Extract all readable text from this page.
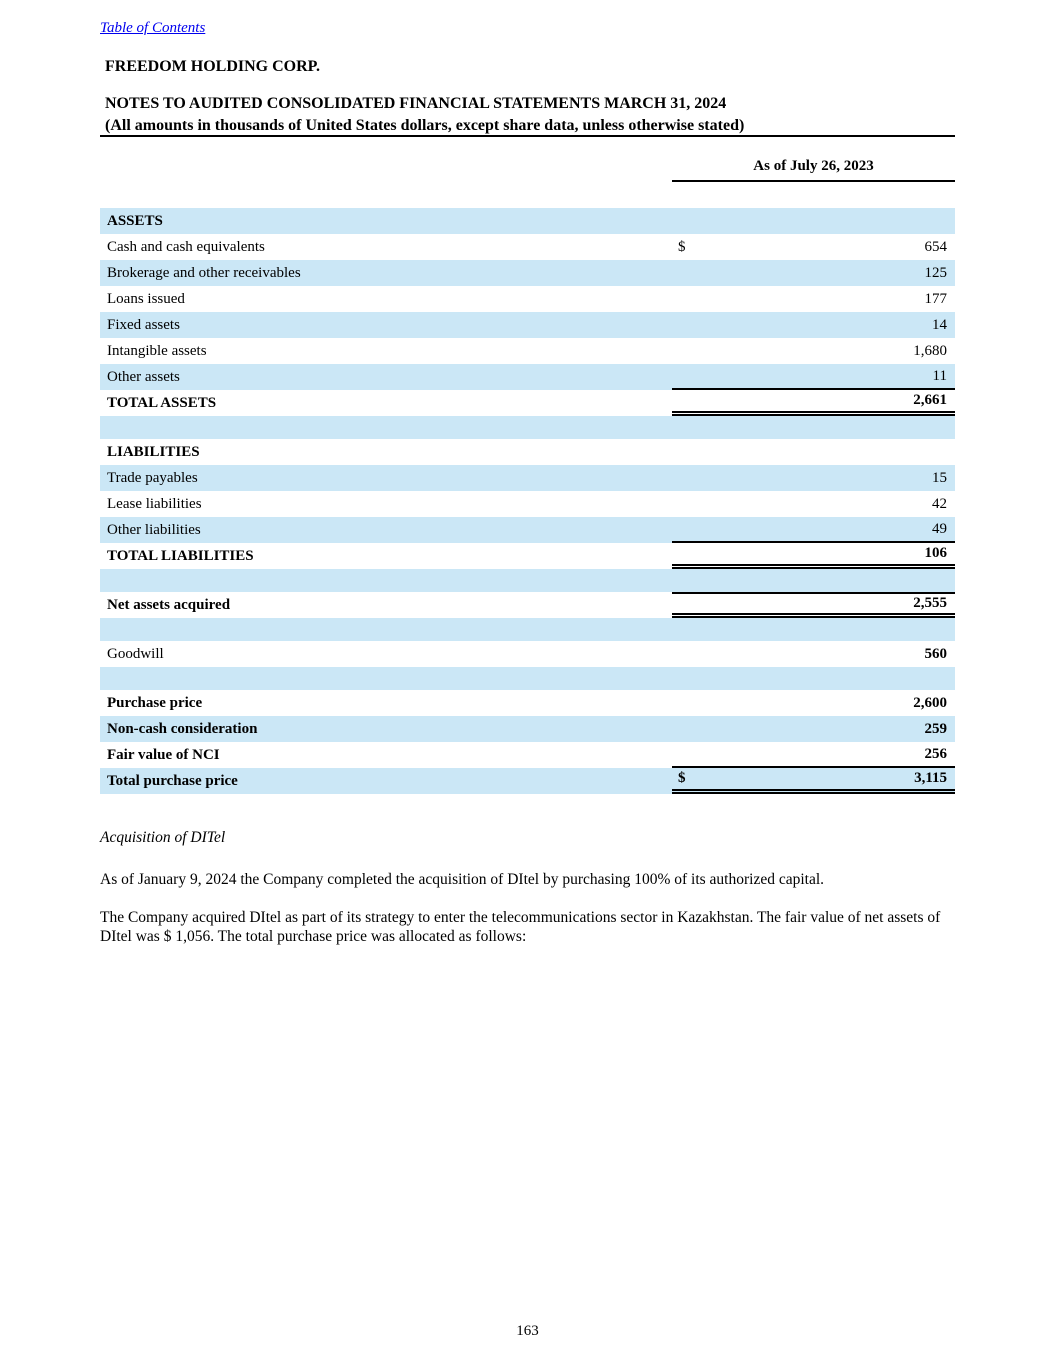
Table of Contents
FREEDOM HOLDING CORP.
NOTES TO AUDITED CONSOLIDATED FINANCIAL STATEMENTS MARCH 31, 2024
(All amounts in thousands of United States dollars, except share data, unless otherwise stated)
As of July 26, 2023
ASSETS
Cash and cash equivalents	$	654
Brokerage and other receivables	125
Loans issued	177
Fixed assets	14
Intangible assets	1,680
Other assets	11
TOTAL ASSETS	2,661
LIABILITIES
Trade payables	15
Lease liabilities	42
Other liabilities	49
TOTAL LIABILITIES	106
Net assets acquired	2,555
Goodwill	560
Purchase price	2,600
Non-cash consideration	259
Fair value of NCI	256
Total purchase price	$	3,115
Acquisition of DITel

As of January 9, 2024 the Company completed the acquisition of DItel by purchasing 100% of its authorized capital.

The Company acquired DItel as part of its strategy to enter the telecommunications sector in Kazakhstan. The fair value of net assets of DItel was $ 1,056. The total purchase price was allocated as follows:

163
